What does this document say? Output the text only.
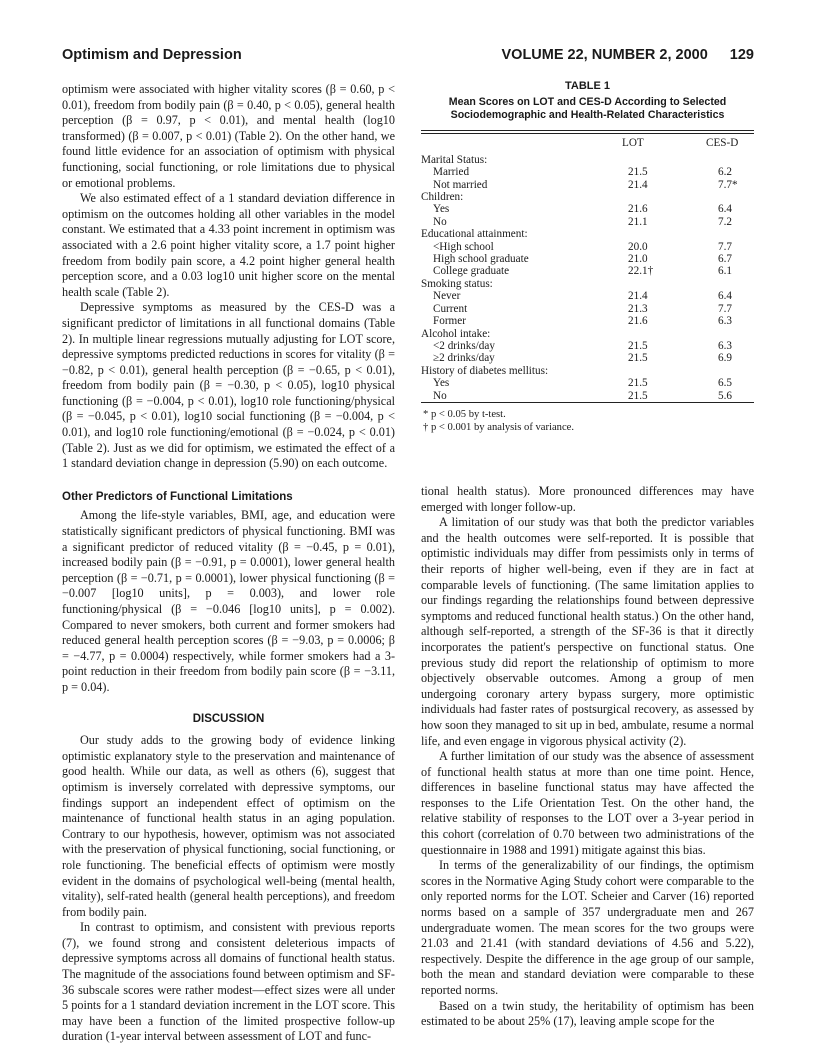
Optimism and Depression	VOLUME 22, NUMBER 2, 2000 129

optimism were associated with higher vitality scores (β = 0.60, p < 0.01), freedom from bodily pain (β = 0.40, p < 0.05), general health perception (β = 0.97, p < 0.01), and mental health (log10 transformed) (β = 0.007, p < 0.01) (Table 2). On the other hand, we found little evidence for an association of optimism with physical functioning, social functioning, or role limitations due to physical or emotional problems.

We also estimated effect of a 1 standard deviation difference in optimism on the outcomes holding all other variables in the model constant. We estimated that a 4.33 point increment in optimism was associated with a 2.6 point higher vitality score, a 1.7 point higher freedom from bodily pain score, a 4.2 point higher general health perception score, and a 0.03 log10 unit higher score on the mental health scale (Table 2).

Depressive symptoms as measured by the CES-D was a significant predictor of limitations in all functional domains (Table 2). In multiple linear regressions mutually adjusting for LOT score, depressive symptoms predicted reductions in scores for vitality (β = −0.82, p < 0.01), general health perception (β = −0.65, p < 0.01), freedom from bodily pain (β = −0.30, p < 0.05), log10 physical functioning (β = −0.004, p < 0.01), log10 role functioning/physical (β = −0.045, p < 0.01), log10 social functioning (β = −0.004, p < 0.01), and log10 role functioning/emotional (β = −0.024, p < 0.01) (Table 2). Just as we did for optimism, we estimated the effect of a 1 standard deviation change in depression (5.90) on each outcome.

Other Predictors of Functional Limitations

Among the life-style variables, BMI, age, and education were statistically significant predictors of physical functioning. BMI was a significant predictor of reduced vitality (β = −0.45, p = 0.01), increased bodily pain (β = −0.91, p = 0.0001), lower general health perception (β = −0.71, p = 0.0001), lower physical functioning (β = −0.007 [log10 units], p = 0.003), and lower role functioning/physical (β = −0.046 [log10 units], p = 0.002). Compared to never smokers, both current and former smokers had reduced general health perception scores (β = −9.03, p = 0.0006; β = −4.77, p = 0.0004) respectively, while former smokers had a 3-point reduction in their freedom from bodily pain score (β = −3.11, p = 0.04).

DISCUSSION

Our study adds to the growing body of evidence linking optimistic explanatory style to the preservation and maintenance of good health. While our data, as well as others (6), suggest that optimism is inversely correlated with depressive symptoms, our findings support an independent effect of optimism on the maintenance of functional health status in an aging population. Contrary to our hypothesis, however, optimism was not associated with the preservation of physical functioning, social functioning, or role functioning. The beneficial effects of optimism were mostly evident in the domains of psychological well-being (mental health, vitality), self-rated health (general health perceptions), and freedom from bodily pain.

In contrast to optimism, and consistent with previous reports (7), we found strong and consistent deleterious impacts of depressive symptoms across all domains of functional health status. The magnitude of the associations found between optimism and SF-36 subscale scores were rather modest—effect sizes were all under 5 points for a 1 standard deviation increment in the LOT score. This may have been a function of the limited prospective follow-up duration (1-year interval between assessment of LOT and func-

TABLE 1
Mean Scores on LOT and CES-D According to Selected Sociodemographic and Health-Related Characteristics
	LOT	CES-D
Marital Status:		
Married	21.5	6.2
Not married	21.4	7.7*
Children:		
Yes	21.6	6.4
No	21.1	7.2
Educational attainment:		
<High school	20.0	7.7
High school graduate	21.0	6.7
College graduate	22.1†	6.1
Smoking status:		
Never	21.4	6.4
Current	21.3	7.7
Former	21.6	6.3
Alcohol intake:		
<2 drinks/day	21.5	6.3
≥2 drinks/day	21.5	6.9
History of diabetes mellitus:		
Yes	21.5	6.5
No	21.5	5.6
* p < 0.05 by t-test.
† p < 0.001 by analysis of variance.

tional health status). More pronounced differences may have emerged with longer follow-up.

A limitation of our study was that both the predictor variables and the health outcomes were self-reported. It is possible that optimistic individuals may differ from pessimists only in terms of their reports of higher well-being, even if they are in fact at comparable levels of functioning. (The same limitation applies to our findings regarding the relationships found between depressive symptoms and reduced functional health status.) On the other hand, although self-reported, a strength of the SF-36 is that it directly incorporates the patient's perspective on functional status. One previous study did report the relationship of optimism to more objectively observable outcomes. Among a group of men undergoing coronary artery bypass surgery, more optimistic individuals had faster rates of postsurgical recovery, as assessed by how soon they managed to sit up in bed, ambulate, resume a normal life, and even engage in vigorous physical activity (2).

A further limitation of our study was the absence of assessment of functional health status at more than one time point. Hence, differences in baseline functional status may have affected the responses to the Life Orientation Test. On the other hand, the relative stability of responses to the LOT over a 3-year period in this cohort (correlation of 0.70 between two administrations of the questionnaire in 1988 and 1991) mitigate against this bias.

In terms of the generalizability of our findings, the optimism scores in the Normative Aging Study cohort were comparable to the only reported norms for the LOT. Scheier and Carver (16) reported norms based on a sample of 357 undergraduate men and 267 undergraduate women. The mean scores for the two groups were 21.03 and 21.41 (with standard deviations of 4.56 and 5.22), respectively. Despite the difference in the age group of our sample, both the mean and standard deviation were comparable to these reported norms.

Based on a twin study, the heritability of optimism has been estimated to be about 25% (17), leaving ample scope for the
